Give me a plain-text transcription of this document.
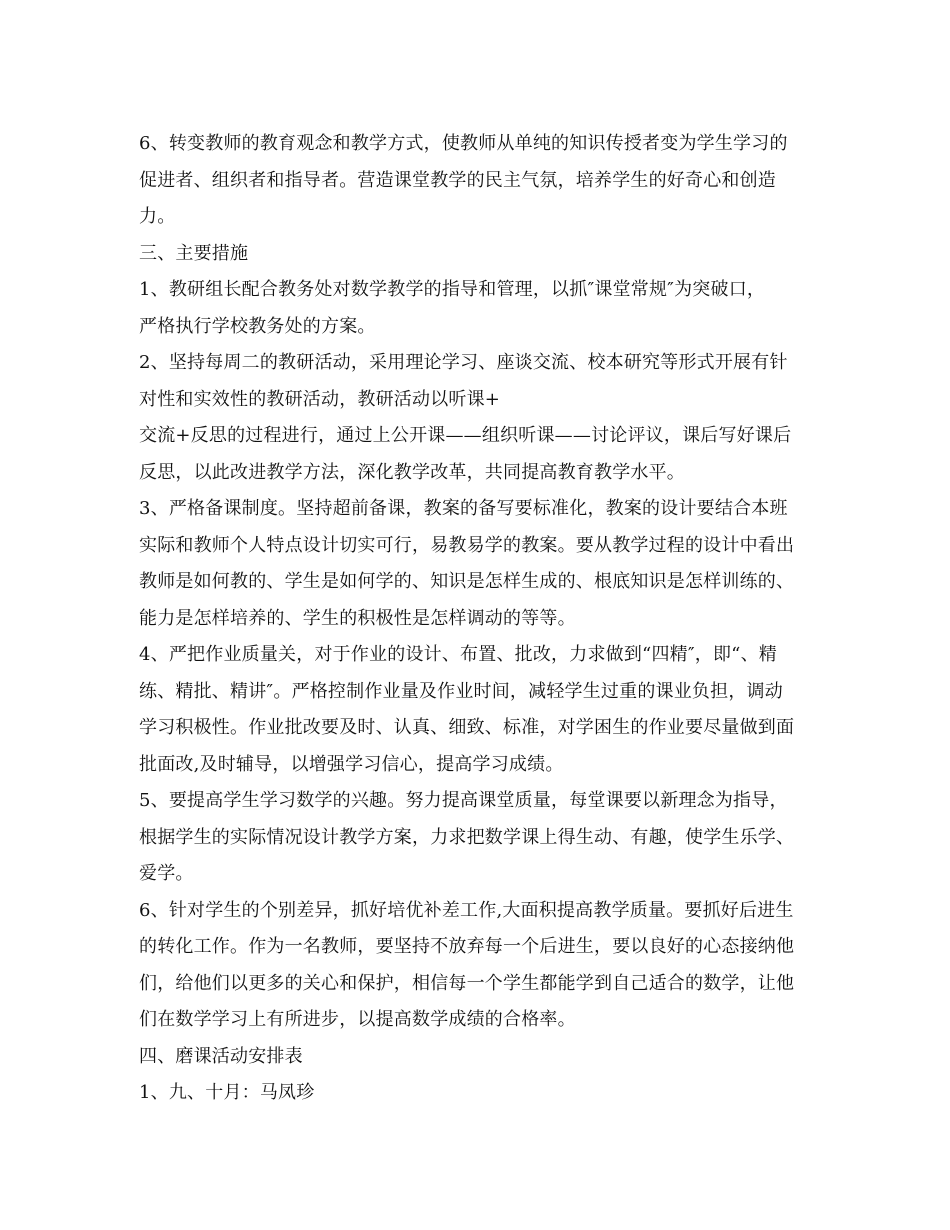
6、转变教师的教育观念和教学方式，使教师从单纯的知识传授者变为学生学习的
促进者、组织者和指导者。营造课堂教学的民主气氛，培养学生的好奇心和创造
力。
三、主要措施
1、教研组长配合教务处对数学教学的指导和管理，以抓″课堂常规″为突破口，
严格执行学校教务处的方案。
2、坚持每周二的教研活动，采用理论学习、座谈交流、校本研究等形式开展有针
对性和实效性的教研活动，教研活动以听课+
交流+反思的过程进行，通过上公开课——组织听课——讨论评议，课后写好课后
反思，以此改进教学方法，深化教学改革，共同提高教育教学水平。
3、严格备课制度。坚持超前备课，教案的备写要标准化，教案的设计要结合本班
实际和教师个人特点设计切实可行，易教易学的教案。要从教学过程的设计中看出
教师是如何教的、学生是如何学的、知识是怎样生成的、根底知识是怎样训练的、
能力是怎样培养的、学生的积极性是怎样调动的等等。
4、严把作业质量关，对于作业的设计、布置、批改，力求做到“四精″，即“、精
练、精批、精讲″。严格控制作业量及作业时间，减轻学生过重的课业负担，调动
学习积极性。作业批改要及时、认真、细致、标准，对学困生的作业要尽量做到面
批面改,及时辅导，以增强学习信心，提高学习成绩。
5、要提高学生学习数学的兴趣。努力提高课堂质量，每堂课要以新理念为指导，
根据学生的实际情况设计教学方案，力求把数学课上得生动、有趣，使学生乐学、
爱学。
6、针对学生的个别差异，抓好培优补差工作,大面积提高教学质量。要抓好后进生
的转化工作。作为一名教师，要坚持不放弃每一个后进生，要以良好的心态接纳他
们，给他们以更多的关心和保护，相信每一个学生都能学到自己适合的数学，让他
们在数学学习上有所进步，以提高数学成绩的合格率。
四、磨课活动安排表
1、九、十月：马凤珍
